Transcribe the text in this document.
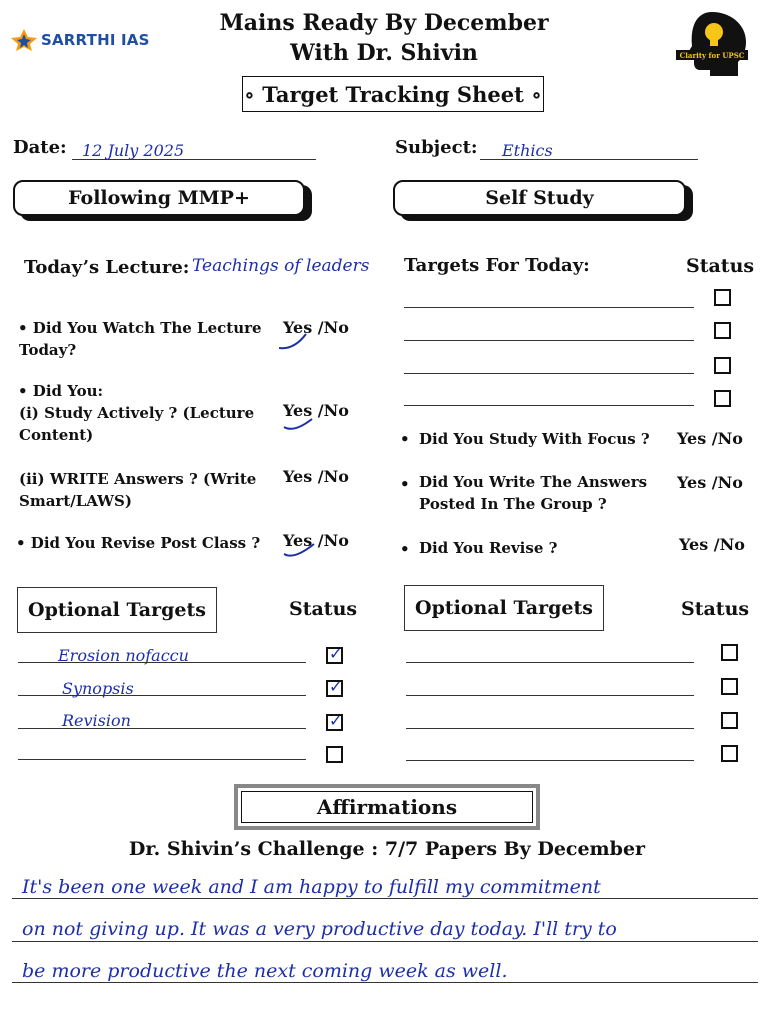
SARRTHI IAS
Mains Ready By December
With Dr. Shivin	Clarity for UPSC
∘ Target Tracking Sheet ∘
Date: 12 July 2025	Subject: Ethics
Following MMP+	Self Study
Today’s Lecture: Teachings of leaders
• Did You Watch The Lecture
Today?
Yes /No
• Did You:
(i) Study Actively ? (Lecture
Content)
Yes /No
(ii) WRITE Answers ? (Write
Smart/LAWS)
Yes /No
• Did You Revise Post Class ? Yes /No
Optional Targets	Status
Erosion nofaccu	✓
Synopsis	✓
Revision	✓
Targets For Today:	Status
• Did You Study With Focus ? Yes /No
• Did You Write The Answers
Posted In The Group ?
Yes /No
• Did You Revise ?	Yes /No
Optional Targets	Status
Affirmations
Dr. Shivin’s Challenge : 7/7 Papers By December
It's been one week and I am happy to fulfill my commitment
on not giving up. It was a very productive day today. I'll try to
be more productive the next coming week as well.
